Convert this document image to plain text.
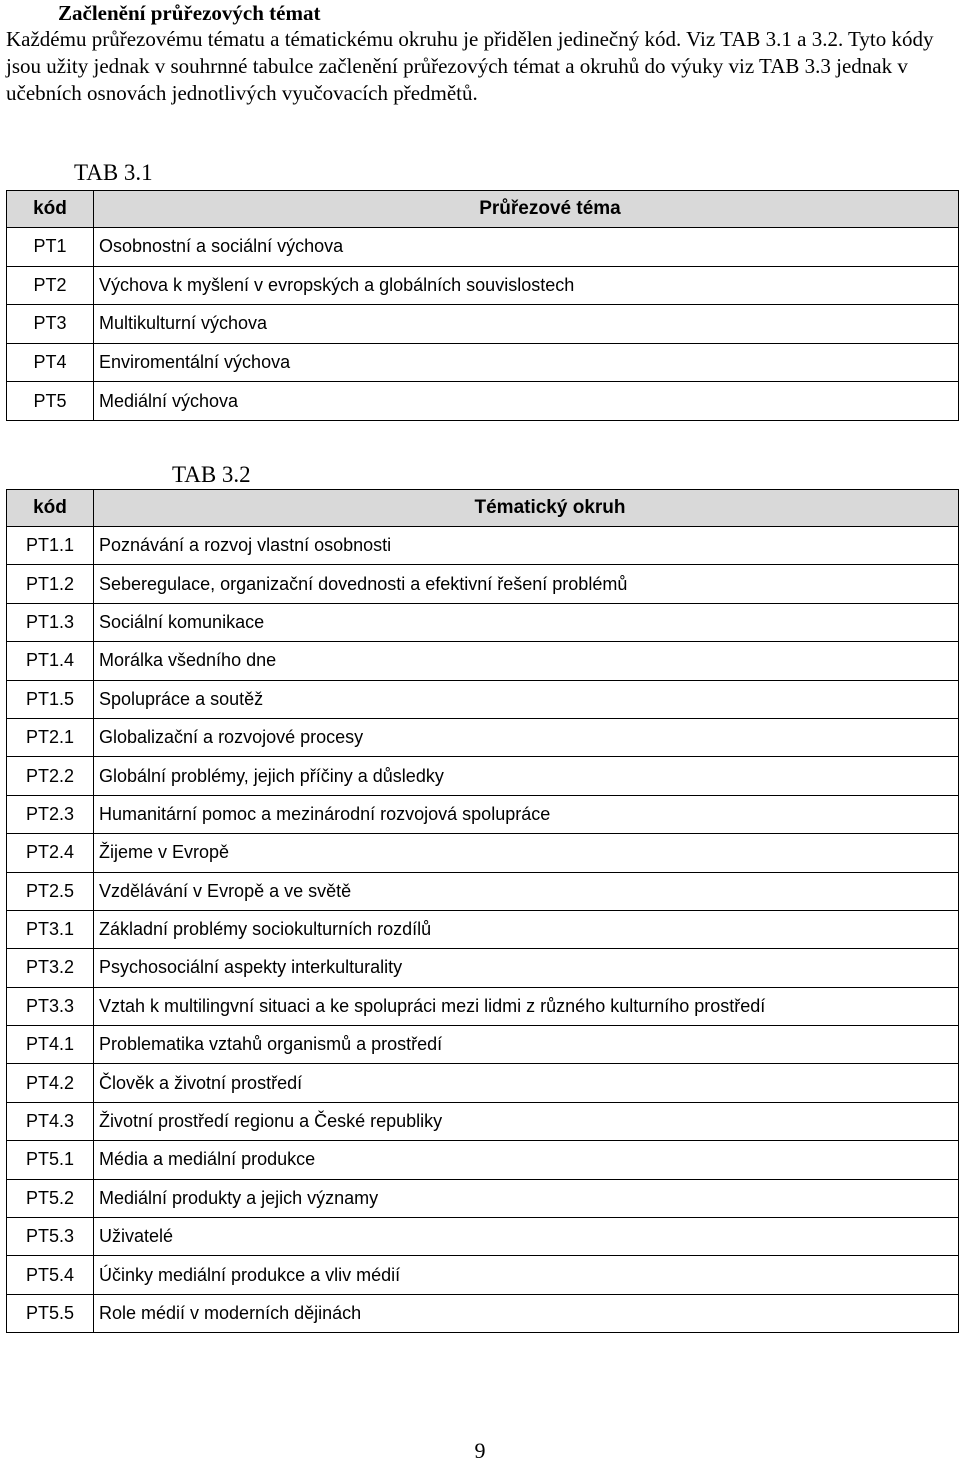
Začlenění průřezových témat
Každému průřezovému tématu a tématickému okruhu je přidělen jedinečný kód. Viz TAB 3.1 a 3.2. Tyto kódy jsou užity jednak v souhrnné tabulce začlenění průřezových témat a okruhů do výuky viz TAB 3.3 jednak v učebních osnovách jednotlivých vyučovacích předmětů.
TAB 3.1
kód	Průřezové téma
PT1	Osobnostní a sociální výchova
PT2	Výchova k myšlení v evropských a globálních souvislostech
PT3	Multikulturní výchova
PT4	Enviromentální výchova
PT5	Mediální výchova
TAB 3.2
kód	Tématický okruh
PT1.1	Poznávání a rozvoj vlastní osobnosti
PT1.2	Seberegulace, organizační dovednosti a efektivní řešení problémů
PT1.3	Sociální komunikace
PT1.4	Morálka všedního dne
PT1.5	Spolupráce a soutěž
PT2.1	Globalizační a rozvojové procesy
PT2.2	Globální problémy, jejich příčiny a důsledky
PT2.3	Humanitární pomoc a mezinárodní rozvojová spolupráce
PT2.4	Žijeme v Evropě
PT2.5	Vzdělávání v Evropě a ve světě
PT3.1	Základní problémy sociokulturních rozdílů
PT3.2	Psychosociální aspekty interkulturality
PT3.3	Vztah k multilingvní situaci a ke spolupráci mezi lidmi z různého kulturního prostředí
PT4.1	Problematika vztahů organismů a prostředí
PT4.2	Člověk a životní prostředí
PT4.3	Životní prostředí regionu a České republiky
PT5.1	Média a mediální produkce
PT5.2	Mediální produkty a jejich významy
PT5.3	Uživatelé
PT5.4	Účinky mediální produkce a vliv médií
PT5.5	Role médií v moderních dějinách
9
